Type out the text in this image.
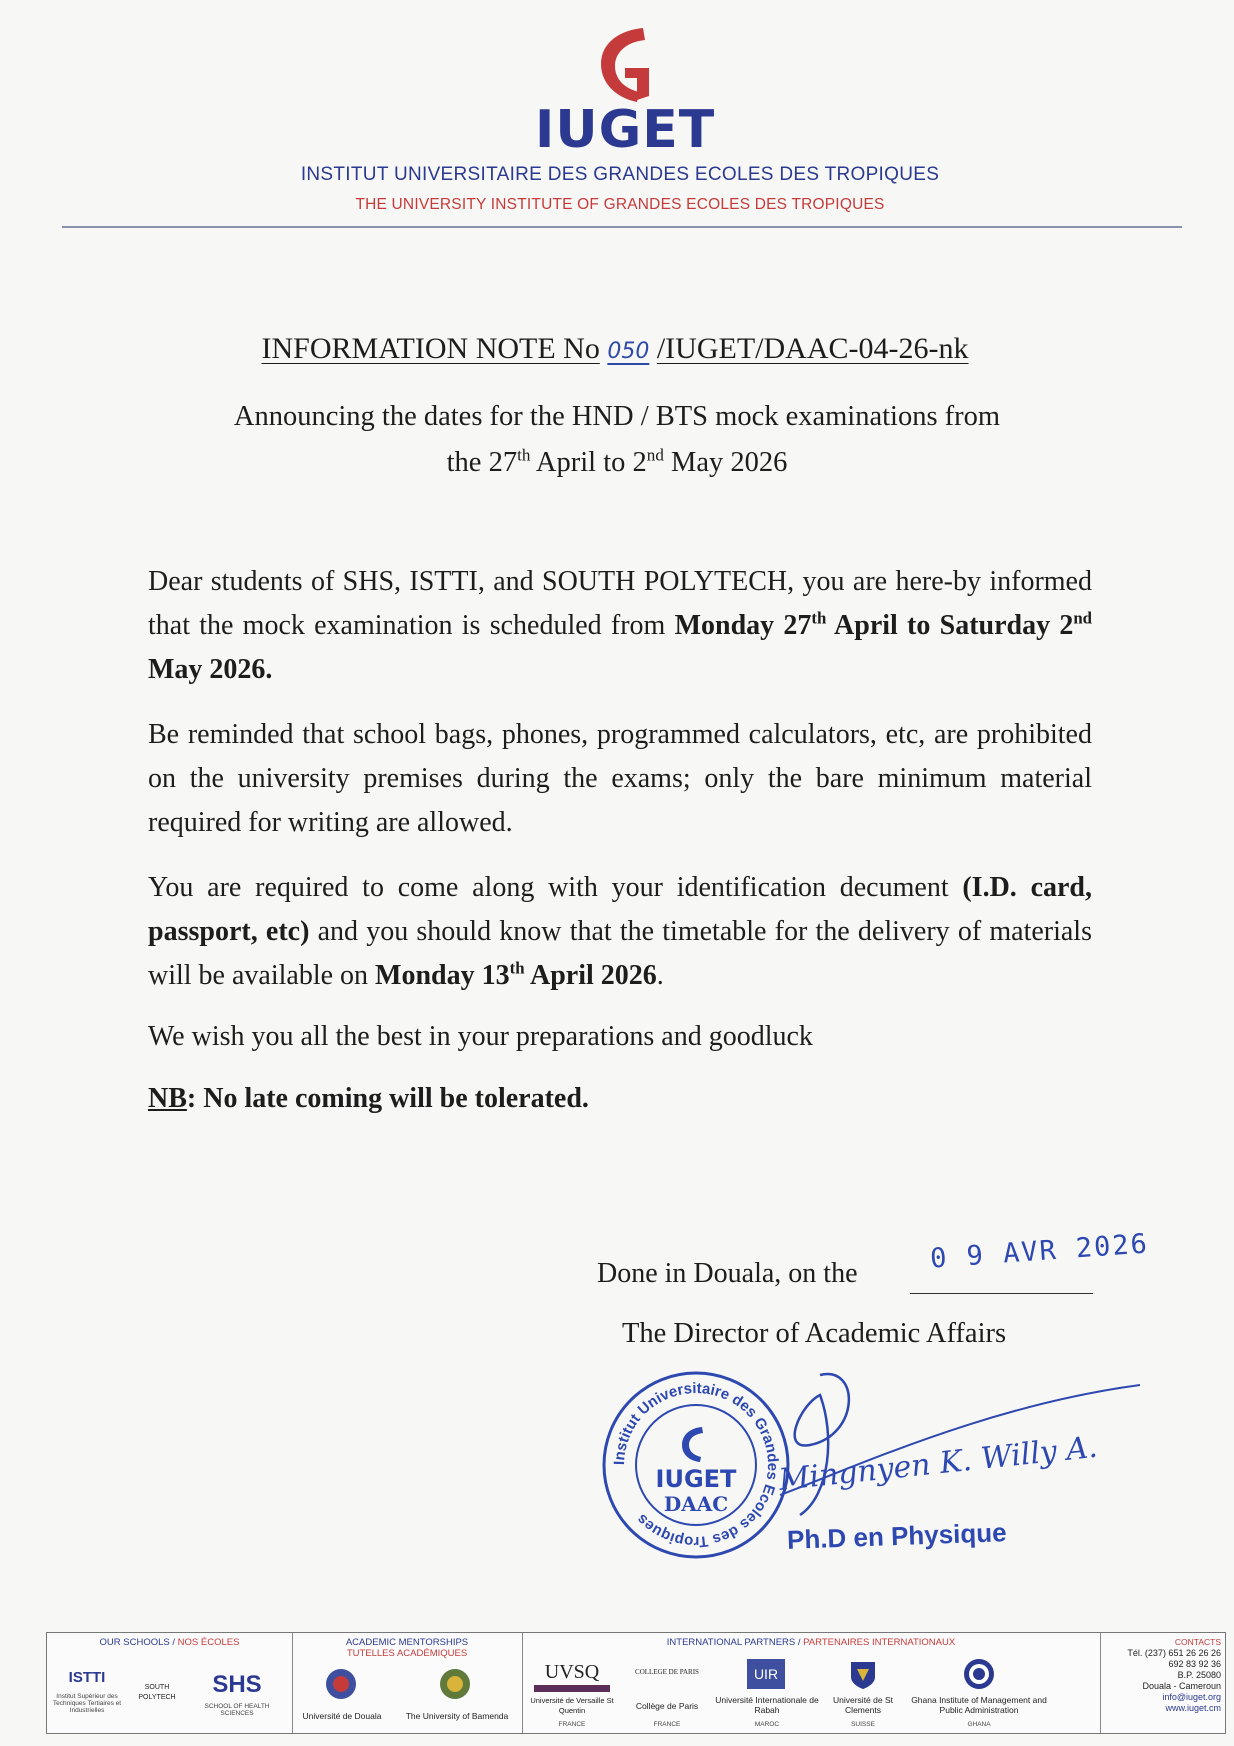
IUGET
INSTITUT UNIVERSITAIRE DES GRANDES ECOLES DES TROPIQUES
THE UNIVERSITY INSTITUTE OF GRANDES ECOLES DES TROPIQUES
INFORMATION NOTE No 050 /IUGET/DAAC-04-26-nk
Announcing the dates for the HND / BTS mock examinations from
the 27th April to 2nd May 2026
Dear students of SHS, ISTTI, and SOUTH POLYTECH, you are here-by informed that the mock examination is scheduled from Monday 27th April to Saturday 2nd May 2026.
Be reminded that school bags, phones, programmed calculators, etc, are prohibited on the university premises during the exams; only the bare minimum material required for writing are allowed.
You are required to come along with your identification decument (I.D. card, passport, etc) and you should know that the timetable for the delivery of materials will be available on Monday 13th April 2026.
We wish you all the best in your preparations and goodluck
NB: No late coming will be tolerated.
Done in Douala, on the	0 9 AVR 2026
The Director of Academic Affairs
Institut Universitaire des Grandes Ecoles des Tropiques
IUGET
DAAC
Mingnyen K. Willy A.
Ph.D en Physique
OUR SCHOOLS / NOS ÉCOLES
ISTTI
Institut Supérieur des Techniques Tertiaires et Industrielles
SOUTH POLYTECH	SHS
SCHOOL OF HEALTH SCIENCES
ACADEMIC MENTORSHIPS
TUTELLES ACADÉMIQUES
Université de Douala	The University of Bamenda
INTERNATIONAL PARTNERS / PARTENAIRES INTERNATIONAUX
UVSQ
Université de Versaille St Quentin
FRANCE
COLLEGE DE PARIS
Collège de Paris
FRANCE
UIR
Université Internationale de Rabah
MAROC
Université de St Clements
SUISSE
Ghana Institute of Management and Public Administration
GHANA
CONTACTS
Tél. (237) 651 26 26 26
692 83 92 36
B.P. 25080
Douala - Cameroun
info@iuget.org
www.iuget.cm
